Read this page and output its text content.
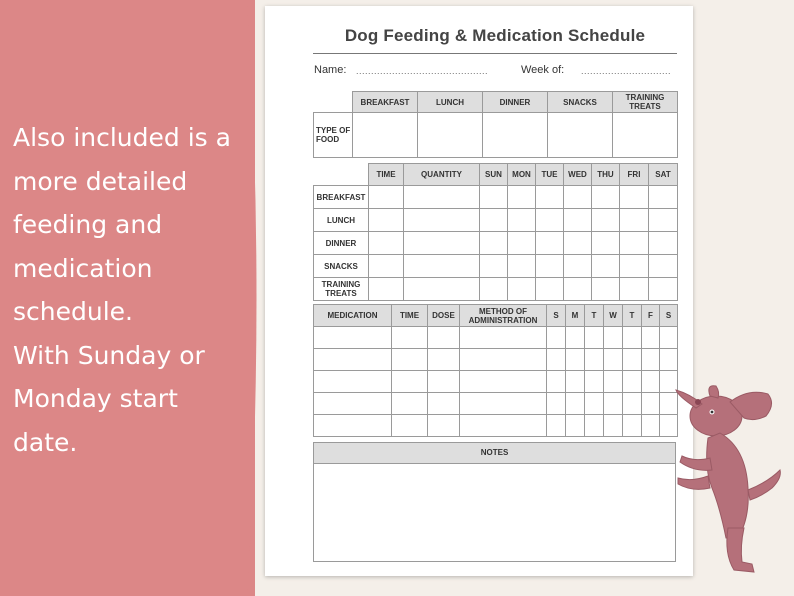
Also included is a
more detailed
feeding and
medication
schedule.
With Sunday or
Monday start
date.
Dog Feeding & Medication Schedule
Name: ............................................	Week of: ..............................
	BREAKFAST	LUNCH	DINNER	SNACKS	TRAINING TREATS
TYPE OF FOOD					
	TIME	QUANTITY	SUN	MON	TUE	WED	THU	FRI	SAT
BREAKFAST									
LUNCH									
DINNER									
SNACKS									
TRAINING TREATS									
MEDICATION	TIME	DOSE	METHOD OF ADMINISTRATION	S	M	T	W	T	F	S

NOTES
